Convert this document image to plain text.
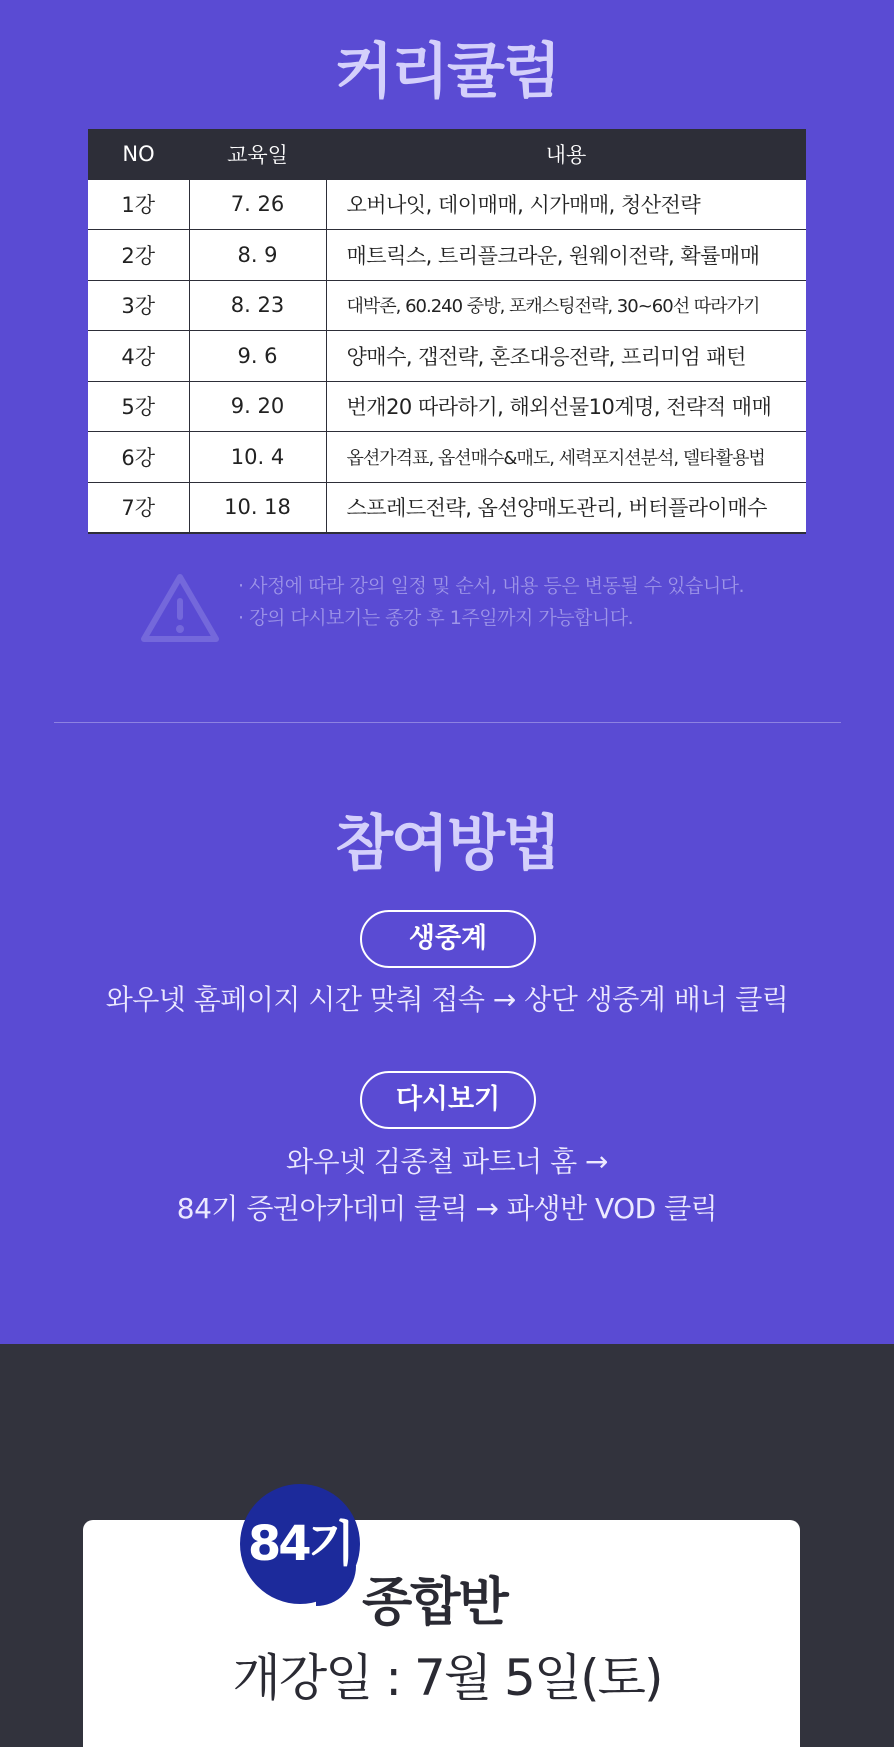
커리큘럼
NO	교육일	내용
1강	7. 26	오버나잇, 데이매매, 시가매매, 청산전략
2강	8. 9	매트릭스, 트리플크라운, 원웨이전략, 확률매매
3강	8. 23	대박존, 60.240 중방, 포캐스팅전략, 30~60선 따라가기
4강	9. 6	양매수, 갭전략, 혼조대응전략, 프리미엄 패턴
5강	9. 20	번개20 따라하기, 해외선물10계명, 전략적 매매
6강	10. 4	옵션가격표, 옵션매수&매도, 세력포지션분석, 델타활용법
7강	10. 18	스프레드전략, 옵션양매도관리, 버터플라이매수
· 사정에 따라 강의 일정 및 순서, 내용 등은 변동될 수 있습니다.
· 강의 다시보기는 종강 후 1주일까지 가능합니다.
참여방법
생중계
와우넷 홈페이지 시간 맞춰 접속 → 상단 생중계 배너 클릭
다시보기
와우넷 김종철 파트너 홈 →
84기 증권아카데미 클릭 → 파생반 VOD 클릭
84기
종합반
개강일 : 7월 5일(토)
